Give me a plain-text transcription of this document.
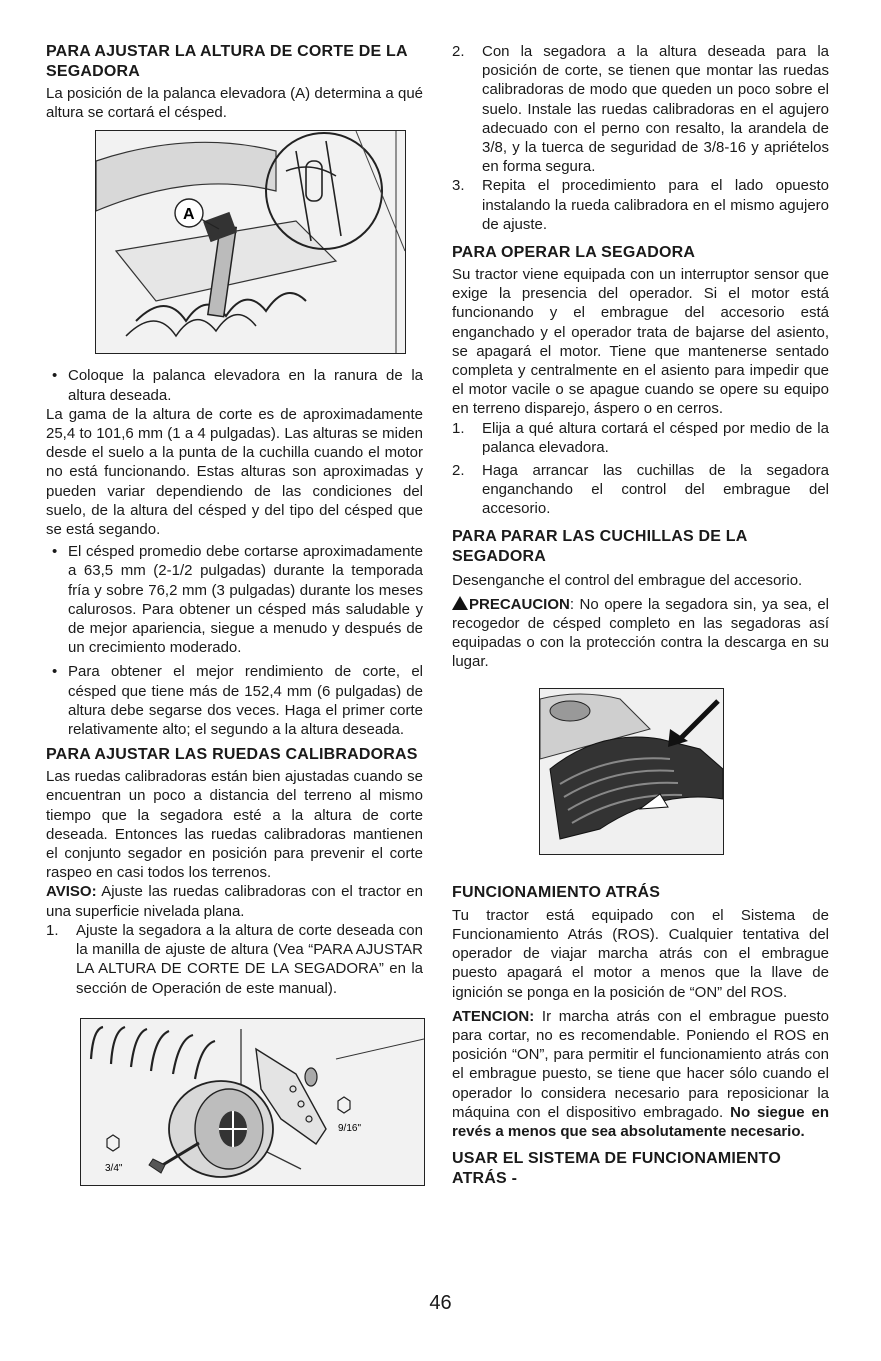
PARA AJUSTAR LA ALTURA DE CORTE DE LA SEGADORA

La posición de la palanca elevadora (A) determina a qué altura se cortará el césped.

A
• Coloque la palanca elevadora en la ranura de la altura deseada.

La gama de la altura de corte es de aproximadamente 25,4 to 101,6 mm (1 a 4 pulgadas). Las alturas se miden desde el suelo a la punta de la cuchilla cuando el motor no está funcionando. Estas alturas son aproximadas y pueden variar dependiendo de las condiciones del suelo, de la altura del césped y del tipo del césped que se está segando.

• El césped promedio debe cortarse aproximadamente a 63,5 mm (2-1/2 pulgadas) durante la temporada fría y sobre 76,2 mm (3 pulgadas) durante los meses calurosos. Para obtener un césped más saludable y de mejor apariencia, siegue a menudo y después de un crecimiento moderado.
• Para obtener el mejor rendimiento de corte, el césped que tiene más de 152,4 mm (6 pulgadas) de altura debe segarse dos veces. Haga el primer corte relativamente alto; el segundo a la altura deseada.
PARA AJUSTAR LAS RUEDAS CALIBRADORAS

Las ruedas calibradoras están bien ajustadas cuando se encuentran un poco a distancia del terreno al mismo tiempo que la segadora esté a la altura de corte deseada. Entonces las ruedas calibradoras mantienen el conjunto segador en posición para prevenir el corte raspeo en casi todos los terrenos.

AVISO: Ajuste las ruedas calibradoras con el tractor en una superficie nivelada plana.

1. Ajuste la segadora a la altura de corte deseada con la manilla de ajuste de altura (Vea “PARA AJUSTAR LA ALTURA DE CORTE DE LA SEGADORA” en la sección de Operación de este manual).
9/16"
3/4"
2. Con la segadora a la altura deseada para la posición de corte, se tienen que montar las ruedas calibradoras de modo que queden un poco sobre el suelo. Instale las ruedas calibradoras en el agujero adecuado con el perno con resalto, la arandela de 3/8, y la tuerca de seguridad de 3/8-16 y apriételos en forma segura.
3. Repita el procedimiento para el lado opuesto instalando la rueda calibradora en el mismo agujero de ajuste.
PARA OPERAR LA SEGADORA

Su tractor viene equipada con un interruptor sensor que exige la presencia del operador. Si el motor está funcionando y el embrague del accesorio está enganchado y el operador trata de bajarse del asiento, se apagará el motor. Tiene que mantenerse sentado completa y centralmente en el asiento para impedir que el motor vacile o se apague cuando se opere su equipo en terreno disparejo, áspero o en cerros.

1. Elija a qué altura cortará el césped por medio de la palanca elevadora.
2. Haga arrancar las cuchillas de la segadora enganchando el control del embrague del accesorio.
PARA PARAR LAS CUCHILLAS DE LA SEGADORA

Desenganche el control del embrague del accesorio.

PRECAUCION: No opere la segadora sin, ya sea, el recogedor de césped completo en las segadoras así equipadas o con la protección contra la descarga en su lugar.

FUNCIONAMIENTO ATRÁS

Tu tractor está equipado con el Sistema de Funcionamiento Atrás (ROS). Cualquier tentativa del operador de viajar marcha atrás con el embrague puesto apagará el motor a menos que la llave de ignición se ponga en la posición de “ON” del ROS.

ATENCION: Ir marcha atrás con el embrague puesto para cortar, no es recomendable. Poniendo el ROS en posición “ON”, para permitir el funcionamiento atrás con el embrague puesto, se tiene que hacer sólo cuando el operador lo considera necesario para reposicionar la máquina con el dispositivo embragado. No siegue en revés a menos que sea absolutamente necesario.

USAR EL SISTEMA DE FUNCIONAMIENTO ATRÁS -
46
